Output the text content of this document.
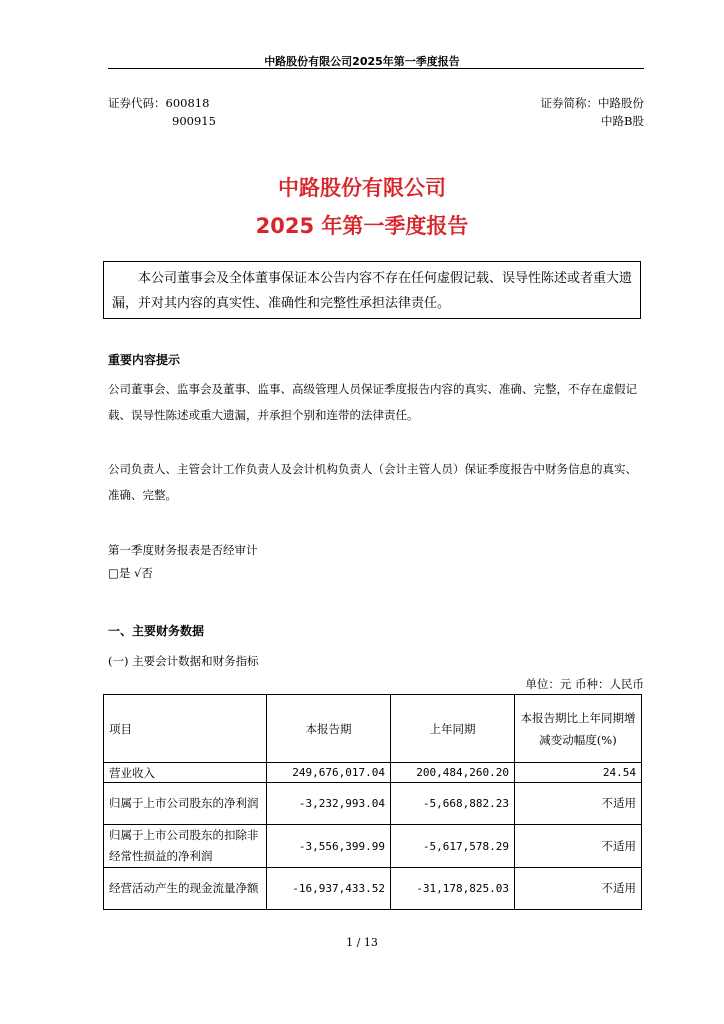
中路股份有限公司2025年第一季度报告
证券代码：600818
900915
证券简称：中路股份
中路B股
中路股份有限公司
2025 年第一季度报告
本公司董事会及全体董事保证本公告内容不存在任何虚假记载、误导性陈述或者重大遗漏，并对其内容的真实性、准确性和完整性承担法律责任。
重要内容提示
公司董事会、监事会及董事、监事、高级管理人员保证季度报告内容的真实、准确、完整，不存在虚假记载、误导性陈述或重大遗漏，并承担个别和连带的法律责任。
公司负责人、主管会计工作负责人及会计机构负责人（会计主管人员）保证季度报告中财务信息的真实、准确、完整。
第一季度财务报表是否经审计
□是 √否
一、主要财务数据
(一) 主要会计数据和财务指标
单位：元 币种：人民币
项目	本报告期	上年同期	本报告期比上年同期增减变动幅度(%)
营业收入	249,676,017.04	200,484,260.20	24.54
归属于上市公司股东的净利润	-3,232,993.04	-5,668,882.23	不适用
归属于上市公司股东的扣除非经常性损益的净利润	-3,556,399.99	-5,617,578.29	不适用
经营活动产生的现金流量净额	-16,937,433.52	-31,178,825.03	不适用
1 / 13
